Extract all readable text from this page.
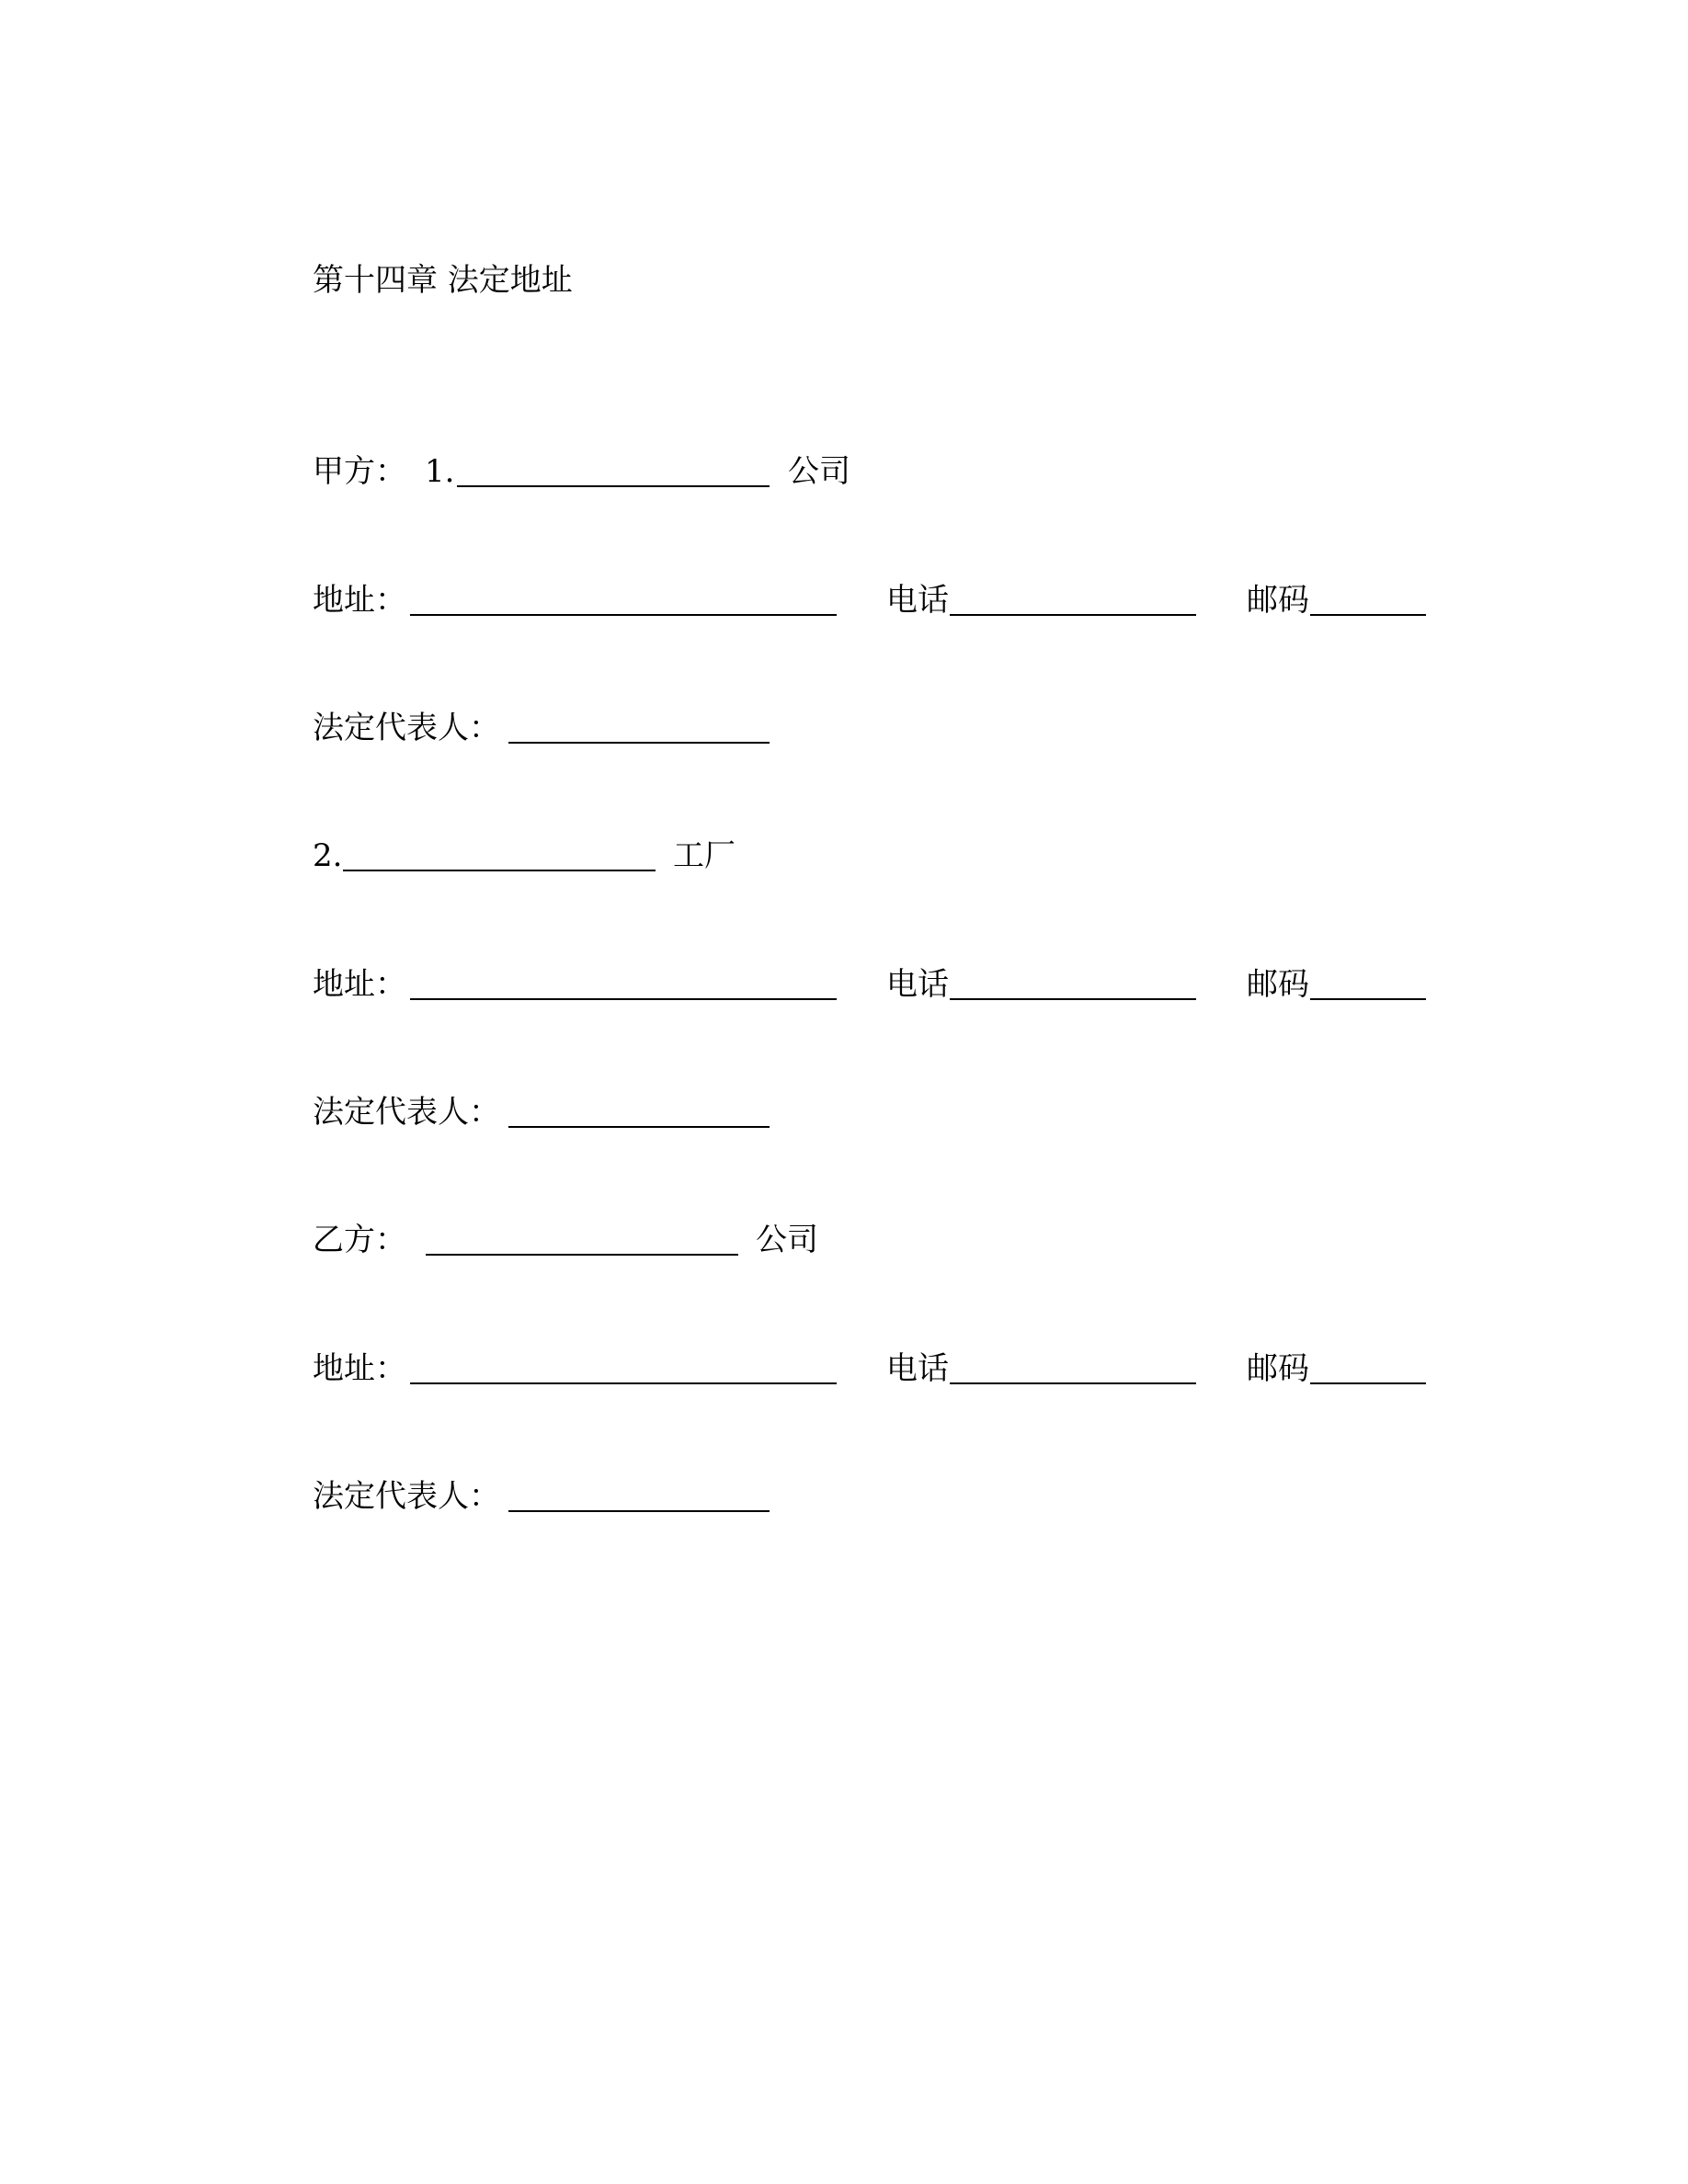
第十四章 法定地址
甲方： 1.	公司
地址：	电话	邮码
法定代表人：
2.	工厂
地址：	电话	邮码
法定代表人：
乙方：	公司
地址：	电话	邮码
法定代表人：
